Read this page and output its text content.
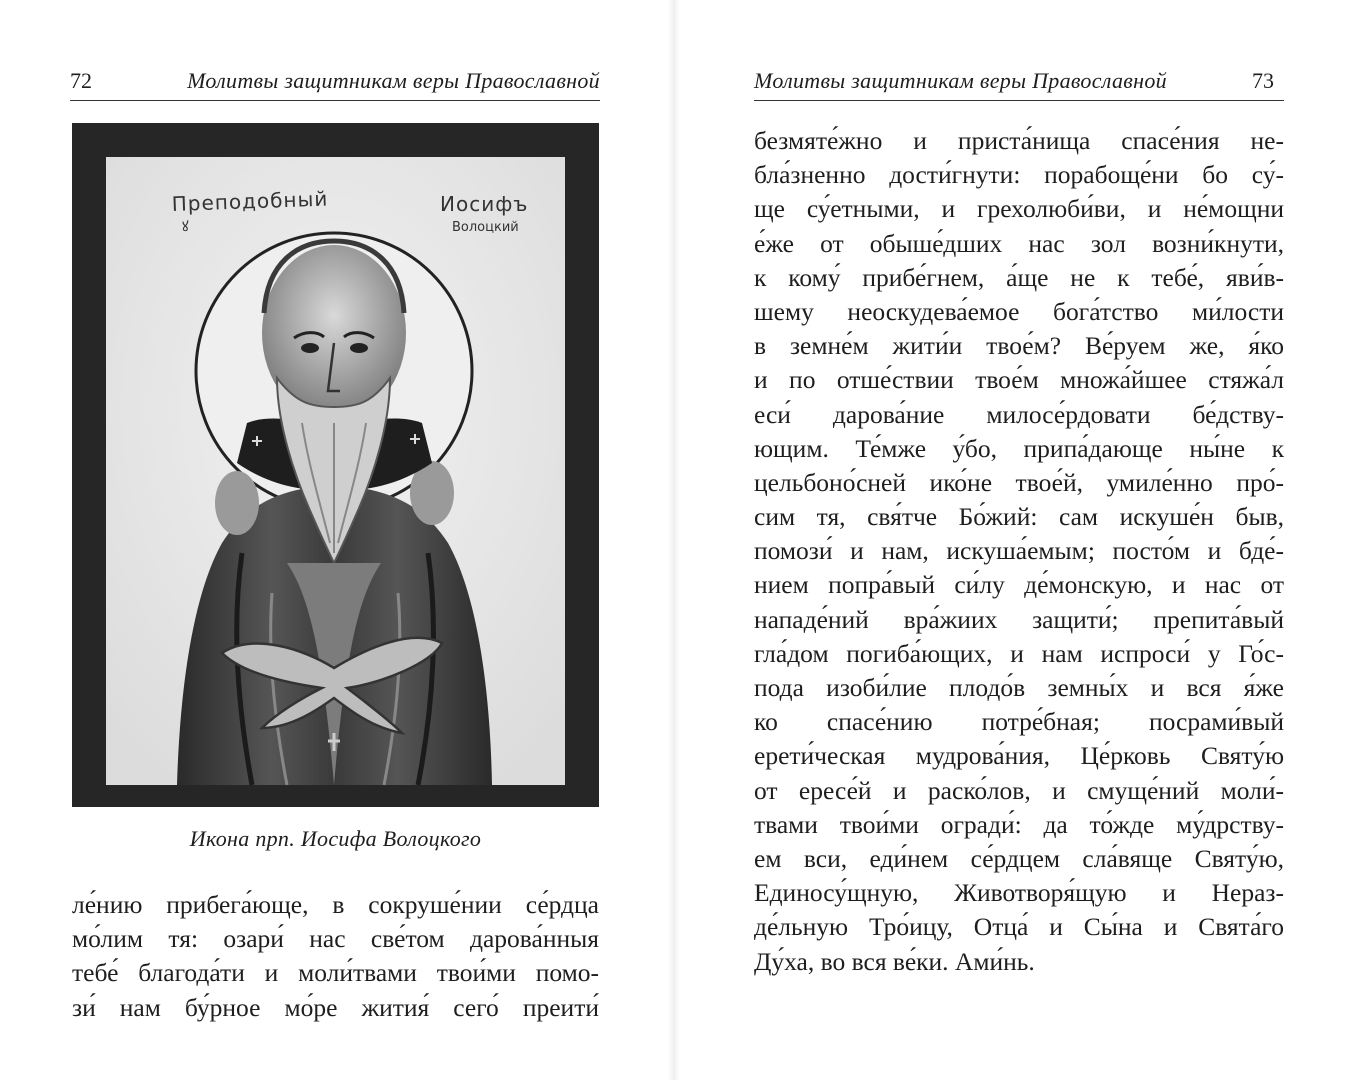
72	Молитвы защитникам веры Православной
Преподобный
ꙋ
Иосифъ
Волоцкий
Икона прп. Иосифа Волоцкого
ле́нию прибега́юще, в сокруше́нии се́рдца
мо́лим тя: озари́ нас све́том дарова́нныя
тебе́ благода́ти и моли́твами твои́ми помо-
зи́ нам бу́рное мо́ре жития́ сего́ преити́
Молитвы защитникам веры Православной	73
безмяте́жно и приста́нища спасе́ния не-
бла́зненно дости́гнути: порабоще́ни бо су́-
ще су́етными, и грехолюби́ви, и не́мощни
е́же от обыше́дших нас зол возни́кнути,
к кому́ прибе́гнем, а́ще не к тебе́, яви́в-
шему неоскудева́емое бога́тство ми́лости
в земне́м жити́и твое́м? Ве́руем же, я́ко
и по отше́ствии твое́м множа́йшее стяжа́л
еси́ дарова́ние милосе́рдовати бе́дству-
ющим. Те́мже у́бо, припа́дающе ны́не к
цельбоно́сней ико́не твое́й, умиле́нно про́-
сим тя, свя́тче Бо́жий: сам искуше́н быв,
помози́ и нам, искуша́емым; посто́м и бде́-
нием попра́вый си́лу де́монскую, и нас от
нападе́ний вра́жиих защити́; препита́вый
гла́дом погиба́ющих, и нам испроси́ у Го́с-
пода изоби́лие плодо́в земны́х и вся я́же
ко спасе́нию потре́бная; посрами́вый
ерети́ческая мудрова́ния, Це́рковь Святу́ю
от ересе́й и раско́лов, и смуще́ний моли́-
твами твои́ми огради́: да то́жде му́дрству-
ем вси, еди́нем се́рдцем сла́вяще Святу́ю,
Единосу́щную, Животворя́щую и Нераз-
де́льную Тро́ицу, Отца́ и Сы́на и Свята́го
Ду́ха, во вся ве́ки. Ами́нь.
